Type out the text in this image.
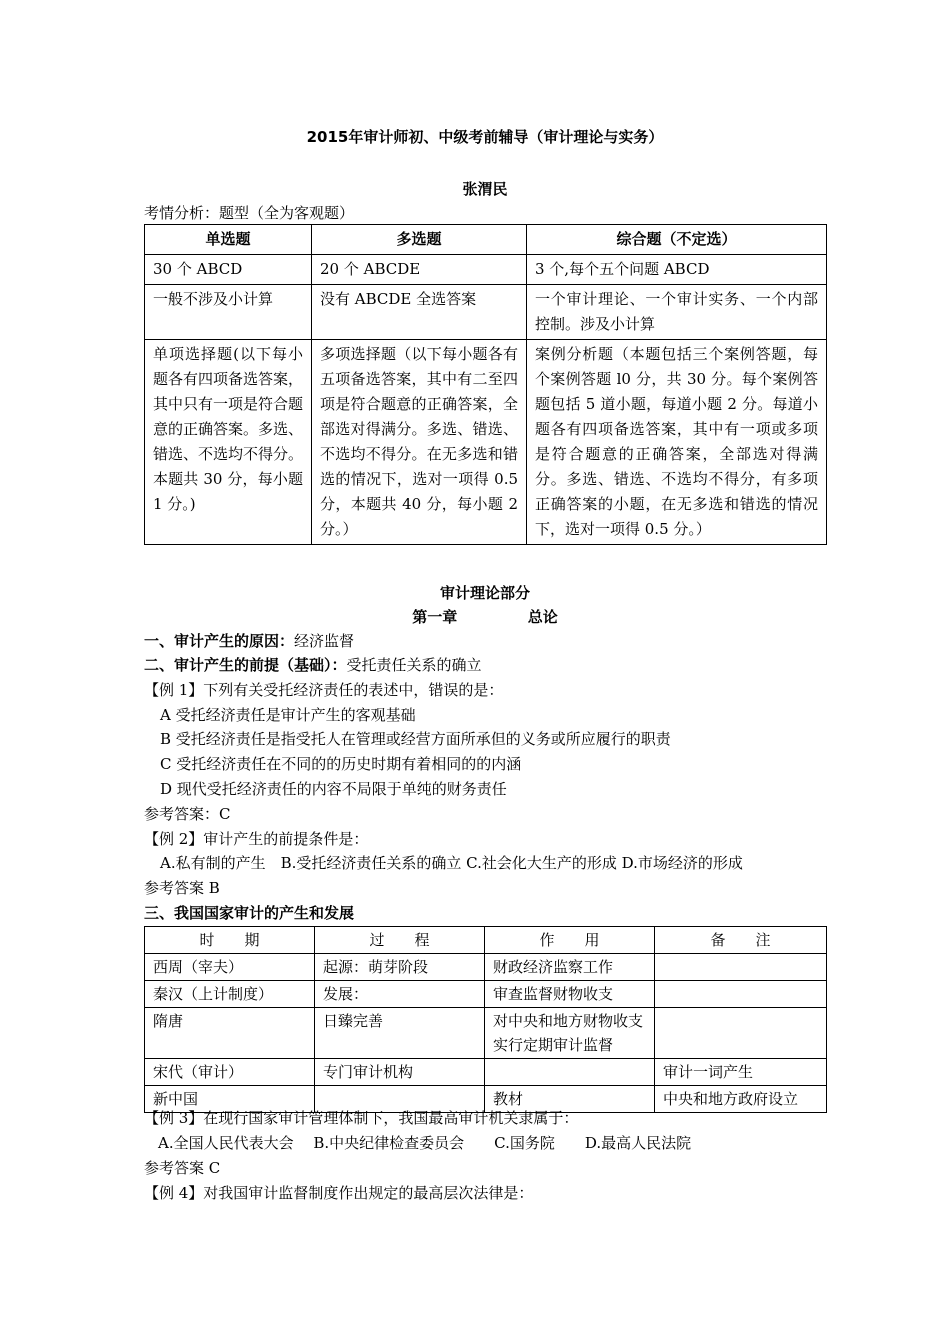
2015年审计师初、中级考前辅导（审计理论与实务）
张渭民
考情分析：题型（全为客观题）
单选题	多选题	综合题（不定选）
30 个 ABCD	20 个 ABCDE	3 个,每个五个问题 ABCD
一般不涉及小计算	没有 ABCDE 全选答案	一个审计理论、一个审计实务、一个内部控制。涉及小计算
单项选择题(以下每小题各有四项备选答案，其中只有一项是符合题意的正确答案。多选、错选、不选均不得分。本题共 30 分，每小题 1 分。)	多项选择题（以下每小题各有五项备选答案，其中有二至四项是符合题意的正确答案，全部选对得满分。多选、错选、不选均不得分。在无多选和错选的情况下，选对一项得 0.5 分，本题共 40 分，每小题 2 分。）	案例分析题（本题包括三个案例答题，每个案例答题 l0 分，共 30 分。每个案例答题包括 5 道小题，每道小题 2 分。每道小题各有四项备选答案，其中有一项或多项是符合题意的正确答案，全部选对得满分。多选、错选、不选均不得分，有多项正确答案的小题，在无多选和错选的情况下，选对一项得 0.5 分。）
审计理论部分
第一章	总论
一、审计产生的原因：经济监督
二、审计产生的前提（基础）：受托责任关系的确立
【例 1】下列有关受托经济责任的表述中，错误的是：
A 受托经济责任是审计产生的客观基础
B 受托经济责任是指受托人在管理或经营方面所承但的义务或所应履行的职责
C 受托经济责任在不同的的历史时期有着相同的的内涵
D 现代受托经济责任的内容不局限于单纯的财务责任
参考答案：C
【例 2】审计产生的前提条件是：
A.私有制的产生　B.受托经济责任关系的确立 C.社会化大生产的形成 D.市场经济的形成
参考答案 B
三、我国国家审计的产生和发展
时　　期	过　　程	作　　用	备　　注
西周（宰夫）	起源：萌芽阶段	财政经济监察工作	
秦汉（上计制度）	发展：	审查监督财物收支	
隋唐	日臻完善	对中央和地方财物收支实行定期审计监督	
宋代（审计）	专门审计机构		审计一词产生
新中国		教材	中央和地方政府设立
【例 3】在现行国家审计管理体制下，我国最高审计机关隶属于：
A.全国人民代表大会　 B.中央纪律检查委员会　　C.国务院　　D.最高人民法院
参考答案 C
【例 4】对我国审计监督制度作出规定的最高层次法律是：
